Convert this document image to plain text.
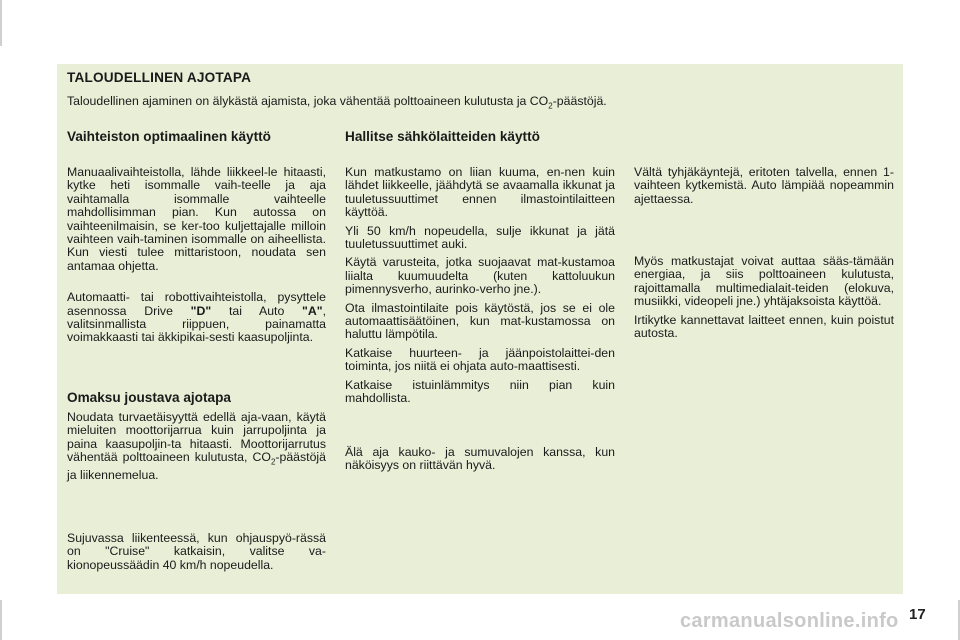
TALOUDELLINEN AJOTAPA

Taloudellinen ajaminen on älykästä ajamista, joka vähentää polttoaineen kulutusta ja $CO_2$-päästöjä.

Vaihteiston optimaalinen käyttö

Manuaalivaihteistolla, lähde liikkeel-le hitaasti, kytke heti isommalle vaih-teelle ja aja vaihtamalla isommalle vaihteelle mahdollisimman pian. Kun autossa on vaihteenilmaisin, se ker-too kuljettajalle milloin vaihteen vaih-taminen isommalle on aiheellista. Kun viesti tulee mittaristoon, noudata sen antamaa ohjetta.

Automaatti- tai robottivaihteistolla, pysyttele asennossa Drive "D" tai Auto "A", valitsinmallista riippuen, painamatta voimakkaasti tai äkkipikai-sesti kaasupoljinta.

Omaksu joustava ajotapa

Noudata turvaetäisyyttä edellä aja-vaan, käytä mieluiten moottorijarrua kuin jarrupoljinta ja paina kaasupoljin-ta hitaasti. Moottorijarrutus vähentää polttoaineen kulutusta, $CO_2$-päästöjä ja liikennemelua.

Sujuvassa liikenteessä, kun ohjauspyö-rässä on "Cruise" katkaisin, valitse va-kionopeussäädin 40 km/h nopeudella.

Hallitse sähkölaitteiden käyttö

Kun matkustamo on liian kuuma, en-nen kuin lähdet liikkeelle, jäähdytä se avaamalla ikkunat ja tuuletussuuttimet ennen ilmastointilaitteen käyttöä.

Yli 50 km/h nopeudella, sulje ikkunat ja jätä tuuletussuuttimet auki.

Käytä varusteita, jotka suojaavat mat-kustamoa liialta kuumuudelta (kuten kattoluukun pimennysverho, aurinko-verho jne.).

Ota ilmastointilaite pois käytöstä, jos se ei ole automaattisäätöinen, kun mat-kustamossa on haluttu lämpötila.

Katkaise huurteen- ja jäänpoistolaittei-den toiminta, jos niitä ei ohjata auto-maattisesti.

Katkaise istuinlämmitys niin pian kuin mahdollista.

Älä aja kauko- ja sumuvalojen kanssa, kun näköisyys on riittävän hyvä.

Vältä tyhjäkäyntejä, eritoten talvella, ennen 1-vaihteen kytkemistä. Auto lämpiää nopeammin ajettaessa.

Myös matkustajat voivat auttaa sääs-tämään energiaa, ja siis polttoaineen kulutusta, rajoittamalla multimedialait-teiden (elokuva, musiikki, videopeli jne.) yhtäjaksoista käyttöä.

Irtikytke kannettavat laitteet ennen, kuin poistut autosta.

carmanualsonline.info 17
